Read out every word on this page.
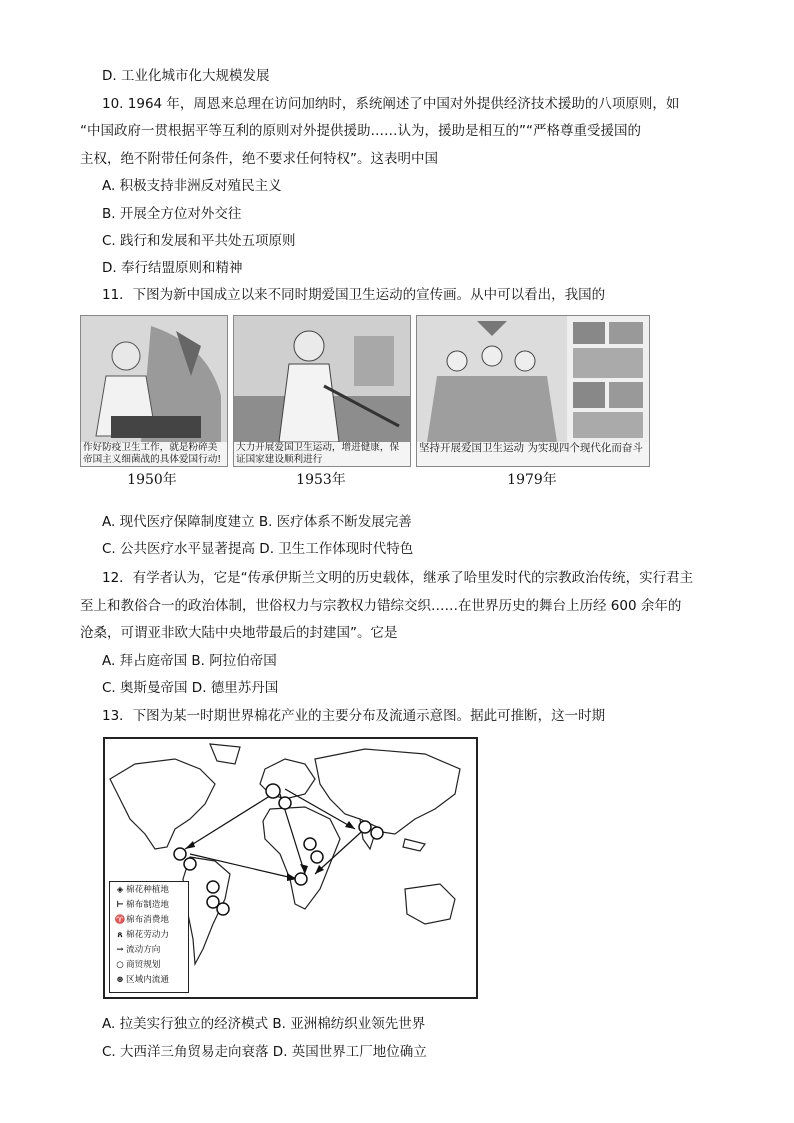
D. 工业化城市化大规模发展
10. 1964 年，周恩来总理在访问加纳时，系统阐述了中国对外提供经济技术援助的八项原则，如
“中国政府一贯根据平等互利的原则对外提供援助……认为，援助是相互的”“严格尊重受援国的
主权，绝不附带任何条件，绝不要求任何特权”。这表明中国
A. 积极支持非洲反对殖民主义
B. 开展全方位对外交往
C. 践行和发展和平共处五项原则
D. 奉行结盟原则和精神
11．下图为新中国成立以来不同时期爱国卫生运动的宣传画。从中可以看出，我国的
作好防疫卫生工作，就是粉碎美帝国主义细菌战的具体爱国行动!
1950年
大力开展爱国卫生运动，增进健康，保证国家建设顺利进行
1953年
坚持开展爱国卫生运动 为实现四个现代化而奋斗
1979年
A. 现代医疗保障制度建立 B. 医疗体系不断发展完善
C. 公共医疗水平显著提高 D. 卫生工作体现时代特色
12．有学者认为，它是“传承伊斯兰文明的历史载体，继承了哈里发时代的宗教政治传统，实行君主
至上和教俗合一的政治体制，世俗权力与宗教权力错综交织……在世界历史的舞台上历经 600 余年的
沧桑，可谓亚非欧大陆中央地带最后的封建国”。它是
A. 拜占庭帝国 B. 阿拉伯帝国
C. 奥斯曼帝国 D. 德里苏丹国
13．下图为某一时期世界棉花产业的主要分布及流通示意图。据此可推断，这一时期
◈ 棉花种植地
⊢ 棉布制造地
♈棉布消费地
ጸ 棉花劳动力
→ 流动方向
○ 商贸规划
⊛ 区域内流通
A. 拉美实行独立的经济模式 B. 亚洲棉纺织业领先世界
C. 大西洋三角贸易走向衰落 D. 英国世界工厂地位确立
